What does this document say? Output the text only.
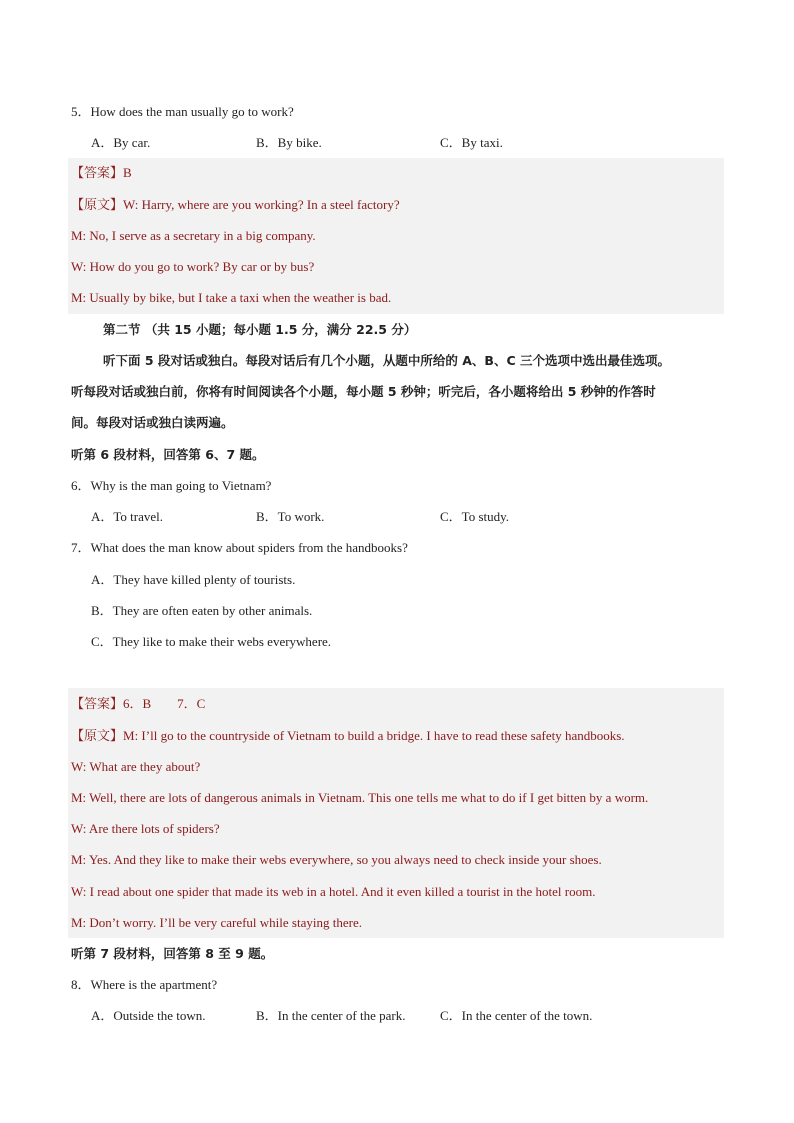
5．How does the man usually go to work?
A．By car.	B．By bike.	C．By taxi.
【答案】B
【原文】W: Harry, where are you working? In a steel factory?
M: No, I serve as a secretary in a big company.
W: How do you go to work? By car or by bus?
M: Usually by bike, but I take a taxi when the weather is bad.
第二节 （共 15 小题；每小题 1.5 分，满分 22.5 分）
听下面 5 段对话或独白。每段对话后有几个小题，从题中所给的 A、B、C 三个选项中选出最佳选项。
听每段对话或独白前，你将有时间阅读各个小题，每小题 5 秒钟；听完后，各小题将给出 5 秒钟的作答时
间。每段对话或独白读两遍。
听第 6 段材料，回答第 6、7 题。
6．Why is the man going to Vietnam?
A．To travel.	B．To work.	C．To study.
7．What does the man know about spiders from the handbooks?
A．They have killed plenty of tourists.
B．They are often eaten by other animals.
C．They like to make their webs everywhere.
【答案】6．B　　7．C
【原文】M: I’ll go to the countryside of Vietnam to build a bridge. I have to read these safety handbooks.
W: What are they about?
M: Well, there are lots of dangerous animals in Vietnam. This one tells me what to do if I get bitten by a worm.
W: Are there lots of spiders?
M: Yes. And they like to make their webs everywhere, so you always need to check inside your shoes.
W: I read about one spider that made its web in a hotel. And it even killed a tourist in the hotel room.
M: Don’t worry. I’ll be very careful while staying there.
听第 7 段材料，回答第 8 至 9 题。
8．Where is the apartment?
A．Outside the town.	B．In the center of the park.	C．In the center of the town.
